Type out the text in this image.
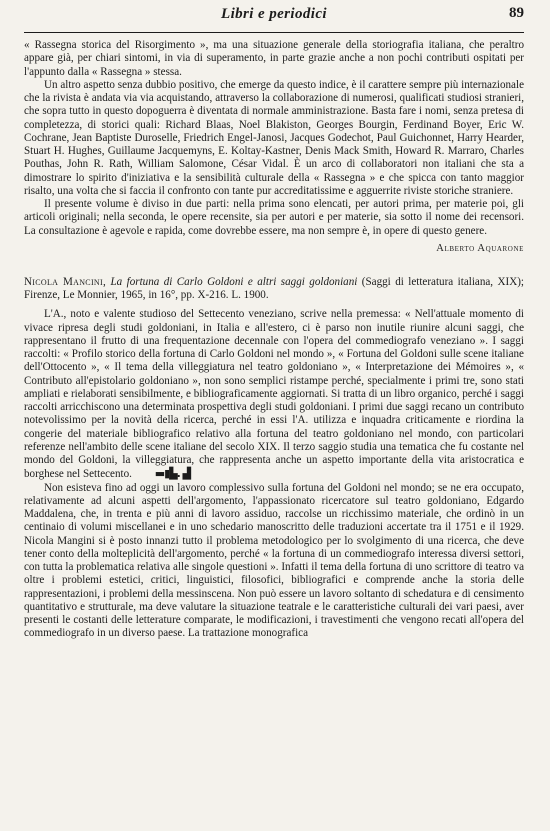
Libri e periodici	89

« Rassegna storica del Risorgimento », ma una situazione generale della storiografia italiana, che peraltro appare già, per chiari sintomi, in via di superamento, in parte grazie anche a non pochi contributi ospitati per l'appunto dalla « Rassegna » stessa.

Un altro aspetto senza dubbio positivo, che emerge da questo indice, è il carattere sempre più internazionale che la rivista è andata via via acquistando, attraverso la collaborazione di numerosi, qualificati studiosi stranieri, che sopra tutto in questo dopoguerra è diventata di normale amministrazione. Basta fare i nomi, senza pretesa di completezza, di storici quali: Richard Blaas, Noel Blakiston, Georges Bourgin, Ferdinand Boyer, Eric W. Cochrane, Jean Baptiste Duroselle, Friedrich Engel-Janosi, Jacques Godechot, Paul Guichonnet, Harry Hearder, Stuart H. Hughes, Guillaume Jacquemyns, E. Koltay-Kastner, Denis Mack Smith, Howard R. Marraro, Charles Pouthas, John R. Rath, William Salomone, César Vidal. È un arco di collaboratori non italiani che sta a dimostrare lo spirito d'iniziativa e la sensibilità culturale della « Rassegna » e che spicca con tanto maggior risalto, una volta che si faccia il confronto con tante pur accreditatissime e agguerrite riviste storiche straniere.

Il presente volume è diviso in due parti: nella prima sono elencati, per autori prima, per materie poi, gli articoli originali; nella seconda, le opere recensite, sia per autori e per materie, sia sotto il nome dei recensori. La consultazione è agevole e rapida, come dovrebbe essere, ma non sempre è, in opere di questo genere.

Alberto Aquarone

Nicola Mancini, La fortuna di Carlo Goldoni e altri saggi goldoniani (Saggi di letteratura italiana, XIX); Firenze, Le Monnier, 1965, in 16°, pp. X-216. L. 1900.

L'A., noto e valente studioso del Settecento veneziano, scrive nella premessa: « Nell'attuale momento di vivace ripresa degli studi goldoniani, in Italia e all'estero, ci è parso non inutile riunire alcuni saggi, che rappresentano il frutto di una frequentazione decennale con l'opera del commediografo veneziano ». I saggi raccolti: « Profilo storico della fortuna di Carlo Goldoni nel mondo », « Fortuna del Goldoni sulle scene italiane dell'Ottocento », « Il tema della villeggiatura nel teatro goldoniano », « Interpretazione dei Mémoires », « Contributo all'epistolario goldoniano », non sono semplici ristampe perché, specialmente i primi tre, sono stati ampliati e rielaborati sensibilmente, e bibliograficamente aggiornati. Si tratta di un libro organico, perché i saggi raccolti arricchiscono una determinata prospettiva degli studi goldoniani. I primi due saggi recano un contributo notevolissimo per la novità della ricerca, perché in essi l'A. utilizza e inquadra criticamente e riordina la congerie del materiale bibliografico relativo alla fortuna del teatro goldoniano nel mondo, con particolari referenze nell'ambito delle scene italiane del secolo XIX. Il terzo saggio studia una tematica che fu costante nel mondo del Goldoni, la villeggiatura, che rappresenta anche un aspetto importante della vita aristocratica e borghese nel Settecento. ▬▮▙. ▟

Non esisteva fino ad oggi un lavoro complessivo sulla fortuna del Goldoni nel mondo; se ne era occupato, relativamente ad alcuni aspetti dell'argomento, l'appassionato ricercatore sul teatro goldoniano, Edgardo Maddalena, che, in trenta e più anni di lavoro assiduo, raccolse un ricchissimo materiale, che ordinò in un centinaio di volumi miscellanei e in uno schedario manoscritto delle traduzioni accertate tra il 1751 e il 1929. Nicola Mangini si è posto innanzi tutto il problema metodologico per lo svolgimento di una ricerca, che deve tener conto della molteplicità dell'argomento, perché « la fortuna di un commediografo interessa diversi settori, con tutta la problematica relativa alle singole questioni ». Infatti il tema della fortuna di uno scrittore di teatro va oltre i problemi estetici, critici, linguistici, filosofici, bibliografici e comprende anche la storia delle rappresentazioni, i problemi della messinscena. Non può essere un lavoro soltanto di schedatura e di censimento quantitativo e strutturale, ma deve valutare la situazione teatrale e le caratteristiche culturali dei vari paesi, aver presenti le costanti delle letterature comparate, le modificazioni, i travestimenti che vengono recati all'opera del commediografo in un diverso paese. La trattazione monografica
